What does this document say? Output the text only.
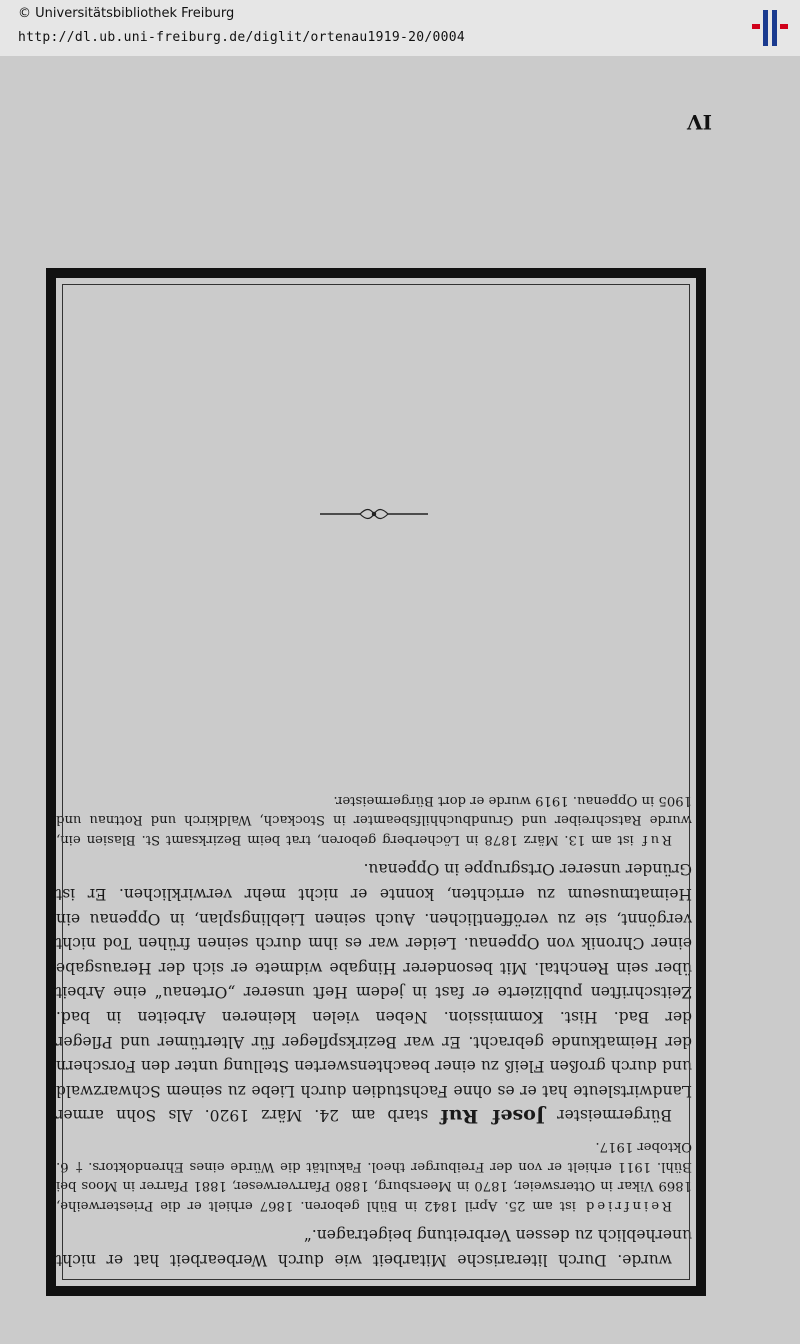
© Universitätsbibliothek Freiburg
http://dl.ub.uni-freiburg.de/diglit/ortenau1919-20/0004

wurde. Durch literarische Mitarbeit wie durch Werbearbeit hat er nicht unerheblich zu dessen Verbreitung beigetragen.“

Reinfried ist am 25. April 1842 in Bühl geboren. 1867 erhielt er die Priesterweihe, 1869 Vikar in Ottersweier, 1870 in Meersburg, 1880 Pfarrverweser, 1881 Pfarrer in Moos bei Bühl. 1911 erhielt er von der Freiburger theol. Fakultät die Würde eines Ehrendoktors. † 6. Oktober 1917.

Bürgermeister Josef Ruf starb am 24. März 1920. Als Sohn armer Landwirtsleute hat er es ohne Fachstudien durch Liebe zu seinem Schwarzwald und durch großen Fleiß zu einer beachtenswerten Stellung unter den Forschern der Heimatkunde gebracht. Er war Bezirkspfleger für Altertümer und Pfleger der Bad. Hist. Kommission. Neben vielen kleineren Arbeiten in bad. Zeitschriften publizierte er fast in jedem Heft unserer „Ortenau“ eine Arbeit über sein Renchtal. Mit besonderer Hingabe widmete er sich der Herausgabe einer Chronik von Oppenau. Leider war es ihm durch seinen frühen Tod nicht vergönnt, sie zu veröffentlichen. Auch seinen Lieblingsplan, in Oppenau ein Heimatmuseum zu errichten, konnte er nicht mehr verwirklichen. Er ist Gründer unserer Ortsgruppe in Oppenau.

Ruf ist am 13. März 1878 in Löcherberg geboren, trat beim Bezirksamt St. Blasien ein, wurde Ratschreiber und Grundbuchhilfsbeamter in Stockach, Waldkirch und Rottnau und 1905 in Oppenau. 1919 wurde er dort Bürgermeister.

IV
